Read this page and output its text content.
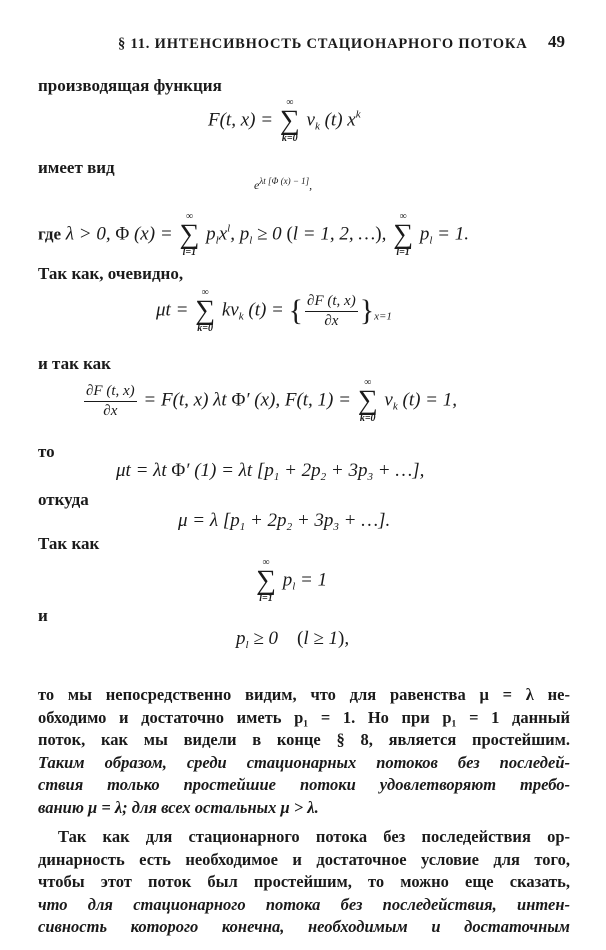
§ 11. ИНТЕНСИВНОСТЬ СТАЦИОНАРНОГО ПОТОКА 49
производящая функция
F(t, x) =
∞
∑
k=0
$v_k$ (t) $x^k$
имеет вид
$e^{\lambda t [\Phi (x) - 1]}$,
где λ > 0, Φ (x) =
∞
∑
l=1
$p_lx^l$, $p_l \ge 0$ (l = 1, 2, …),
∞
∑
l=1
$p_l = 1$.
Так как, очевидно,
μt =
∞
∑
k=0
$kv_k$ (t) = { $\frac{\partial F (t, x)}{\partial x} \}_{x=1}$
и так как
$\frac{\partial F (t, x)}{\partial x} = F(t$, x) λt Φ′ (x), F(t, 1) =
∞
∑
k=0
$v_k$ (t) = 1,
то
μt = λt Φ′ (1) = λt [$p_1 + 2p_2 + 3p_3$ + …],
откуда
μ = λ [$p_1 + 2p_2 + 3p_3$ + …].
Так как
∞
∑
l=1
$p_l = 1$
и
$p_l \ge 0$    (l ≥ 1),
то мы непосредственно видим, что для равенства μ = λ не-
обходимо и достаточно иметь p₁ = 1. Но при p₁ = 1 данный
поток, как мы видели в конце § 8, является простейшим.
Таким образом, среди стационарных потоков без последей-
ствия только простейшие потоки удовлетворяют требо-
ванию μ = λ; для всех остальных μ > λ.
Так как для стационарного потока без последействия ор-
динарность есть необходимое и достаточное условие для того,
чтобы этот поток был простейшим, то можно еще сказать,
что для стационарного потока без последействия, интен-
сивность которого конечна, необходимым и достаточным
